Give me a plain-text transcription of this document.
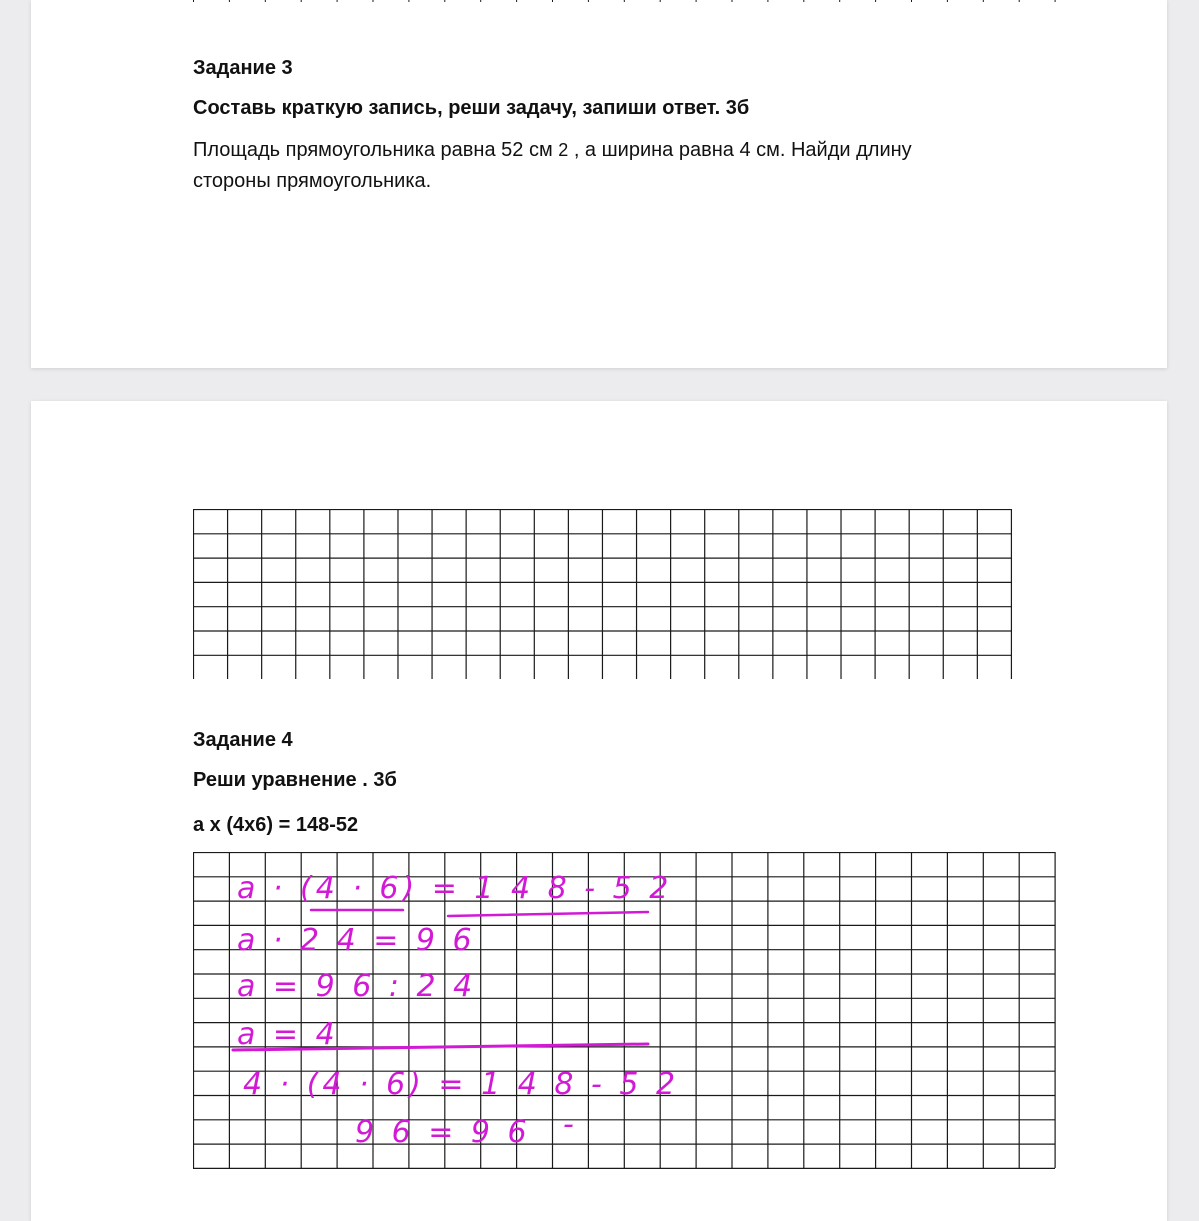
Задание 3

Составь краткую запись, реши задачу, запиши ответ. 3б

Площадь прямоугольника равна 52 см 2 , а ширина равна 4 см. Найди длину
стороны прямоугольника.

Задание 4

Реши уравнение . 3б

а х (4х6) = 148-52

a · (4 · 6) = 1 4 8 - 5 2
a · 2 4 = 9 6
a = 9 6 : 2 4
a = 4
4 · (4 · 6) = 1 4 8 - 5 2
9 6 = 9 6 -
